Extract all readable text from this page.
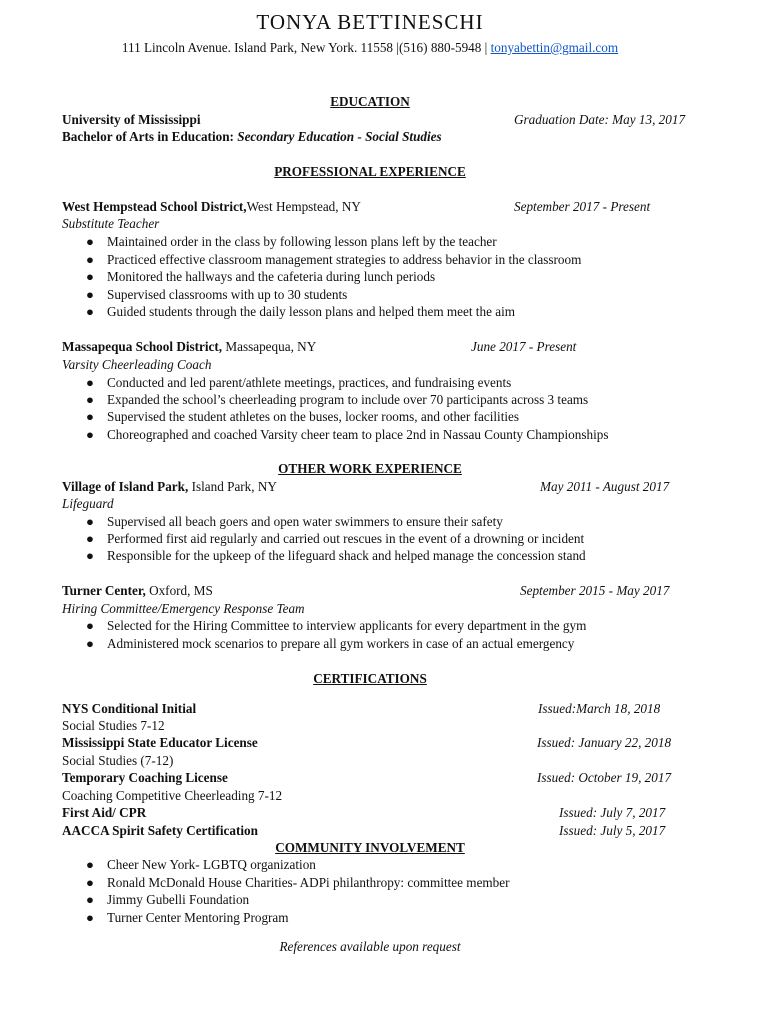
TONYA BETTINESCHI
111 Lincoln Avenue. Island Park, New York. 11558 |(516) 880-5948 | tonyabettin@gmail.com
EDUCATION
University of Mississippi	Graduation Date: May 13, 2017
Bachelor of Arts in Education: Secondary Education - Social Studies
PROFESSIONAL EXPERIENCE
West Hempstead School District,West Hempstead, NY	September 2017 - Present
Substitute Teacher
● Maintained order in the class by following lesson plans left by the teacher
● Practiced effective classroom management strategies to address behavior in the classroom
● Monitored the hallways and the cafeteria during lunch periods
● Supervised classrooms with up to 30 students
● Guided students through the daily lesson plans and helped them meet the aim
Massapequa School District, Massapequa, NY	June 2017 - Present
Varsity Cheerleading Coach
● Conducted and led parent/athlete meetings, practices, and fundraising events
● Expanded the school’s cheerleading program to include over 70 participants across 3 teams
● Supervised the student athletes on the buses, locker rooms, and other facilities
● Choreographed and coached Varsity cheer team to place 2nd in Nassau County Championships
OTHER WORK EXPERIENCE
Village of Island Park, Island Park, NY	May 2011 - August 2017
Lifeguard
● Supervised all beach goers and open water swimmers to ensure their safety
● Performed first aid regularly and carried out rescues in the event of a drowning or incident
● Responsible for the upkeep of the lifeguard shack and helped manage the concession stand
Turner Center, Oxford, MS	September 2015 - May 2017
Hiring Committee/Emergency Response Team
● Selected for the Hiring Committee to interview applicants for every department in the gym
● Administered mock scenarios to prepare all gym workers in case of an actual emergency
CERTIFICATIONS
NYS Conditional Initial	Issued:March 18, 2018
Social Studies 7-12
Mississippi State Educator License	Issued: January 22, 2018
Social Studies (7-12)
Temporary Coaching License	Issued: October 19, 2017
Coaching Competitive Cheerleading 7-12
First Aid/ CPR	Issued: July 7, 2017
AACCA Spirit Safety Certification	Issued: July 5, 2017
COMMUNITY INVOLVEMENT
● Cheer New York- LGBTQ organization
● Ronald McDonald House Charities- ADPi philanthropy: committee member
● Jimmy Gubelli Foundation
● Turner Center Mentoring Program
References available upon request
